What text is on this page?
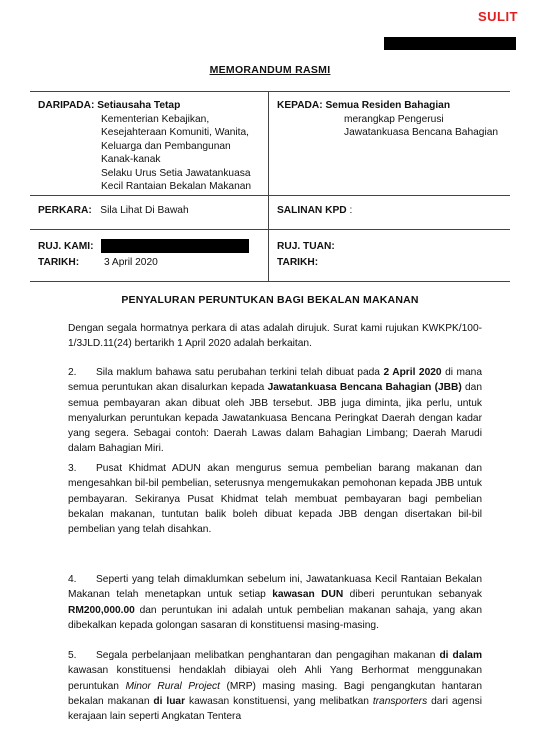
SULIT
MEMORANDUM RASMI
DARIPADA: Setiausaha Tetap
Kementerian Kebajikan,
Kesejahteraan Komuniti, Wanita,
Keluarga dan Pembangunan
Kanak-kanak
Selaku Urus Setia Jawatankuasa
Kecil Rantaian Bekalan Makanan
KEPADA: Semua Residen Bahagian
merangkap Pengerusi
Jawatankuasa Bencana Bahagian
PERKARA: Sila Lihat Di Bawah	SALINAN KPD :
RUJ. KAMI:
TARIKH: 3 April 2020
RUJ. TUAN:
TARIKH:
PENYALURAN PERUNTUKAN BAGI BEKALAN MAKANAN

Dengan segala hormatnya perkara di atas adalah dirujuk. Surat kami rujukan KWKPK/100-1/3JLD.11(24) bertarikh 1 April 2020 adalah berkaitan.

2. Sila maklum bahawa satu perubahan terkini telah dibuat pada 2 April 2020 di mana semua peruntukan akan disalurkan kepada Jawatankuasa Bencana Bahagian (JBB) dan semua pembayaran akan dibuat oleh JBB tersebut. JBB juga diminta, jika perlu, untuk menyalurkan peruntukan kepada Jawatankuasa Bencana Peringkat Daerah dengan kadar yang segera. Sebagai contoh: Daerah Lawas dalam Bahagian Limbang; Daerah Marudi dalam Bahagian Miri.

3. Pusat Khidmat ADUN akan mengurus semua pembelian barang makanan dan mengesahkan bil-bil pembelian, seterusnya mengemukakan pemohonan kepada JBB untuk pembayaran. Sekiranya Pusat Khidmat telah membuat pembayaran bagi pembelian bekalan makanan, tuntutan balik boleh dibuat kepada JBB dengan disertakan bil-bil pembelian yang telah disahkan.

4. Seperti yang telah dimaklumkan sebelum ini, Jawatankuasa Kecil Rantaian Bekalan Makanan telah menetapkan untuk setiap kawasan DUN diberi peruntukan sebanyak RM200,000.00 dan peruntukan ini adalah untuk pembelian makanan sahaja, yang akan dibekalkan kepada golongan sasaran di konstituensi masing-masing.

5. Segala perbelanjaan melibatkan penghantaran dan pengagihan makanan di dalam kawasan konstituensi hendaklah dibiayai oleh Ahli Yang Berhormat menggunakan peruntukan Minor Rural Project (MRP) masing masing. Bagi pengangkutan hantaran bekalan makanan di luar kawasan konstituensi, yang melibatkan transporters dari agensi kerajaan lain seperti Angkatan Tentera
